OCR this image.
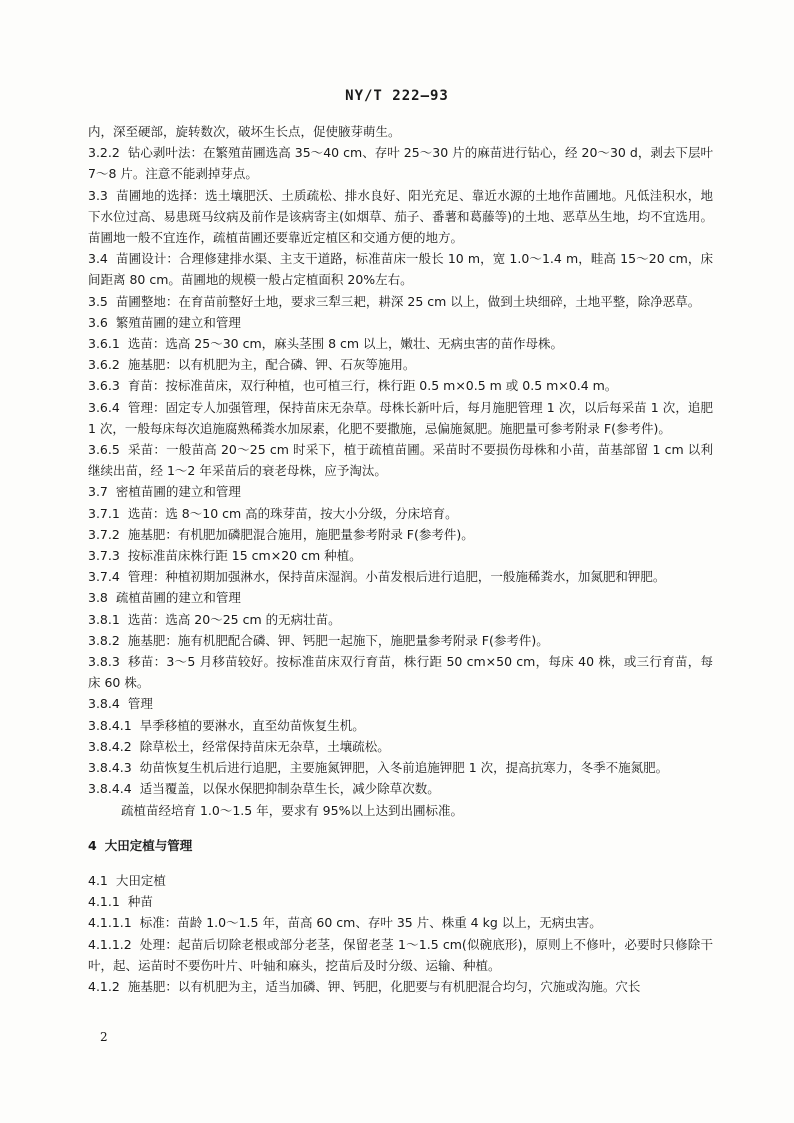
NY/T 222—93

内，深至硬部，旋转数次，破坏生长点，促使腋芽萌生。

3.2.2 钻心剥叶法：在繁殖苗圃选高 35～40 cm、存叶 25～30 片的麻苗进行钻心，经 20～30 d，剥去下层叶 7～8 片。注意不能剥掉芽点。

3.3 苗圃地的选择：选土壤肥沃、土质疏松、排水良好、阳光充足、靠近水源的土地作苗圃地。凡低洼积水，地下水位过高、易患斑马纹病及前作是该病寄主(如烟草、茄子、番薯和葛藤等)的土地、恶草丛生地，均不宜选用。苗圃地一般不宜连作，疏植苗圃还要靠近定植区和交通方便的地方。

3.4 苗圃设计：合理修建排水渠、主支干道路，标准苗床一般长 10 m，宽 1.0～1.4 m，畦高 15～20 cm，床间距离 80 cm。苗圃地的规模一般占定植面积 20%左右。

3.5 苗圃整地：在育苗前整好土地，要求三犁三耙，耕深 25 cm 以上，做到土块细碎，土地平整，除净恶草。

3.6 繁殖苗圃的建立和管理

3.6.1 选苗：选高 25～30 cm，麻头茎围 8 cm 以上，嫩壮、无病虫害的苗作母株。

3.6.2 施基肥：以有机肥为主，配合磷、钾、石灰等施用。

3.6.3 育苗：按标准苗床，双行种植，也可植三行，株行距 0.5 m×0.5 m 或 0.5 m×0.4 m。

3.6.4 管理：固定专人加强管理，保持苗床无杂草。母株长新叶后，每月施肥管理 1 次，以后每采苗 1 次，追肥 1 次，一般每床每次追施腐熟稀粪水加尿素，化肥不要撒施，忌偏施氮肥。施肥量可参考附录 F(参考件)。

3.6.5 采苗：一般苗高 20～25 cm 时采下，植于疏植苗圃。采苗时不要损伤母株和小苗，苗基部留 1 cm 以利继续出苗，经 1～2 年采苗后的衰老母株，应予淘汰。

3.7 密植苗圃的建立和管理

3.7.1 选苗：选 8～10 cm 高的珠芽苗，按大小分级，分床培育。

3.7.2 施基肥：有机肥加磷肥混合施用，施肥量参考附录 F(参考件)。

3.7.3 按标准苗床株行距 15 cm×20 cm 种植。

3.7.4 管理：种植初期加强淋水，保持苗床湿润。小苗发根后进行追肥，一般施稀粪水，加氮肥和钾肥。

3.8 疏植苗圃的建立和管理

3.8.1 选苗：选高 20～25 cm 的无病壮苗。

3.8.2 施基肥：施有机肥配合磷、钾、钙肥一起施下，施肥量参考附录 F(参考件)。

3.8.3 移苗：3～5 月移苗较好。按标准苗床双行育苗，株行距 50 cm×50 cm，每床 40 株，或三行育苗，每床 60 株。

3.8.4 管理

3.8.4.1 旱季移植的要淋水，直至幼苗恢复生机。

3.8.4.2 除草松土，经常保持苗床无杂草，土壤疏松。

3.8.4.3 幼苗恢复生机后进行追肥，主要施氮钾肥，入冬前追施钾肥 1 次，提高抗寒力，冬季不施氮肥。

3.8.4.4 适当覆盖，以保水保肥抑制杂草生长，减少除草次数。

疏植苗经培育 1.0～1.5 年，要求有 95%以上达到出圃标准。

4 大田定植与管理

4.1 大田定植

4.1.1 种苗

4.1.1.1 标准：苗龄 1.0～1.5 年，苗高 60 cm、存叶 35 片、株重 4 kg 以上，无病虫害。

4.1.1.2 处理：起苗后切除老根或部分老茎，保留老茎 1～1.5 cm(似碗底形)，原则上不修叶，必要时只修除干叶，起、运苗时不要伤叶片、叶轴和麻头，挖苗后及时分级、运输、种植。

4.1.2 施基肥：以有机肥为主，适当加磷、钾、钙肥，化肥要与有机肥混合均匀，穴施或沟施。穴长

2
